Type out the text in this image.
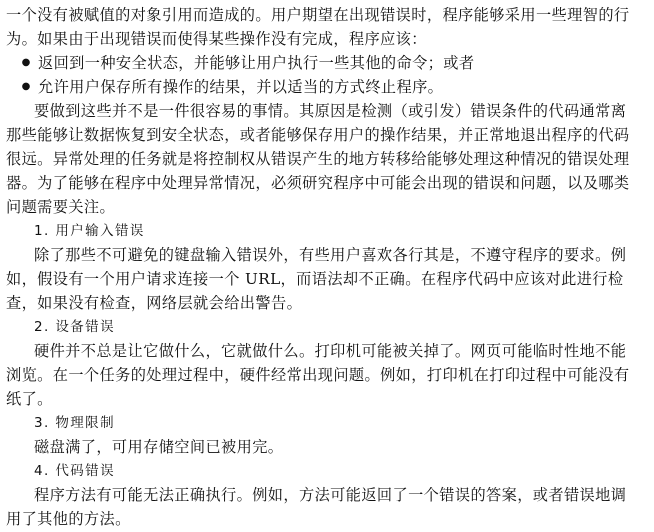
一个没有被赋值的对象引用而造成的。用户期望在出现错误时，程序能够采用一些理智的行
为。如果由于出现错误而使得某些操作没有完成，程序应该：
● 返回到一种安全状态，并能够让用户执行一些其他的命令；或者
● 允许用户保存所有操作的结果，并以适当的方式终止程序。
要做到这些并不是一件很容易的事情。其原因是检测（或引发）错误条件的代码通常离
那些能够让数据恢复到安全状态，或者能够保存用户的操作结果，并正常地退出程序的代码
很远。异常处理的任务就是将控制权从错误产生的地方转移给能够处理这种情况的错误处理
器。为了能够在程序中处理异常情况，必须研究程序中可能会出现的错误和问题，以及哪类
问题需要关注。
1. 用户输入错误
除了那些不可避免的键盘输入错误外，有些用户喜欢各行其是，不遵守程序的要求。例
如，假设有一个用户请求连接一个 URL，而语法却不正确。在程序代码中应该对此进行检
查，如果没有检查，网络层就会给出警告。
2. 设备错误
硬件并不总是让它做什么，它就做什么。打印机可能被关掉了。网页可能临时性地不能
浏览。在一个任务的处理过程中，硬件经常出现问题。例如，打印机在打印过程中可能没有
纸了。
3. 物理限制
磁盘满了，可用存储空间已被用完。
4. 代码错误
程序方法有可能无法正确执行。例如，方法可能返回了一个错误的答案，或者错误地调
用了其他的方法。
